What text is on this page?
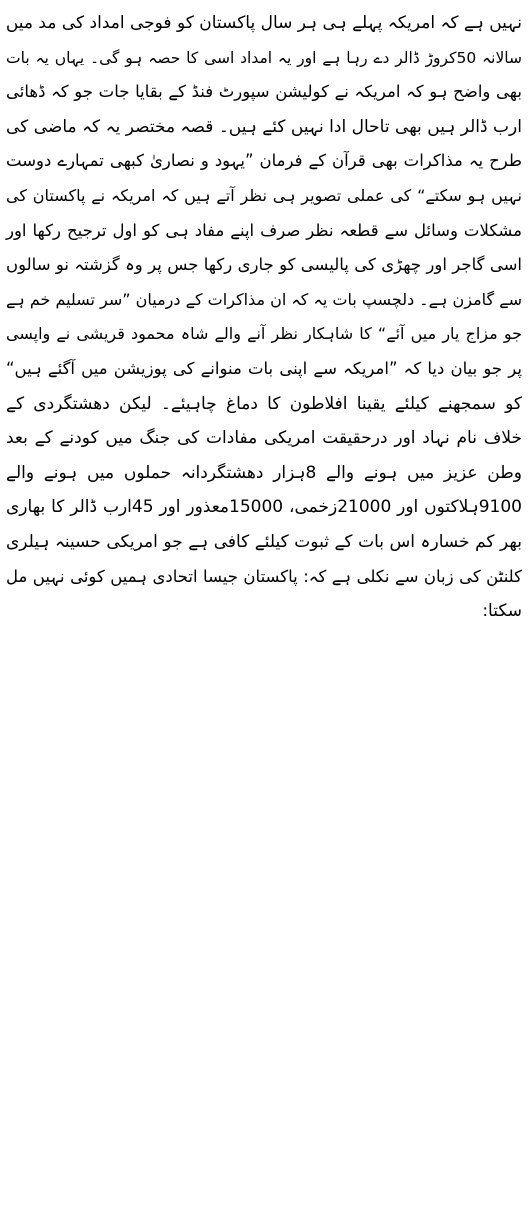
نہیں ہے کہ امریکہ پہلے ہی ہر سال پاکستان کو فوجی امداد کی مد میں
سالانہ 50کروڑ ڈالر دے رہا ہے اور یہ امداد اسی کا حصہ ہو گی۔ یہاں یہ بات
بھی واضح ہو کہ امریکہ نے کولیشن سپورٹ فنڈ کے بقایا جات جو کہ ڈھائی
ارب ڈالر ہیں بھی تاحال ادا نہیں کئے ہیں۔ قصہ مختصر یہ کہ ماضی کی
طرح یہ مذاکرات بھی قرآن کے فرمان ”یہود و نصاریٰ کبھی تمہارے دوست
نہیں ہو سکتے“ کی عملی تصویر ہی نظر آتے ہیں کہ امریکہ نے پاکستان کی
مشکلات وسائل سے قطعہ نظر صرف اپنے مفاد ہی کو اول ترجیح رکھا اور
اسی گاجر اور چھڑی کی پالیسی کو جاری رکھا جس پر وہ گزشتہ نو سالوں
سے گامزن ہے۔ دلچسپ بات یہ کہ ان مذاکرات کے درمیان ”سر تسلیم خم ہے
جو مزاج یار میں آئے“ کا شاہکار نظر آنے والے شاہ محمود قریشی نے واپسی
پر جو بیان دیا کہ ”امریکہ سے اپنی بات منوانے کی پوزیشن میں آگئے ہیں“
کو سمجھنے کیلئے یقینا افلاطون کا دماغ چاہیئے۔ لیکن دھشتگردی کے
خلاف نام نہاد اور درحقیقت امریکی مفادات کی جنگ میں کودنے کے بعد
وطن عزیز میں ہونے والے 8ہزار دھشتگردانہ حملوں میں ہونے والے
9100ہلاکتوں اور 21000زخمی، 15000معذور اور 45ارب ڈالر کا بھاری
بھر کم خسارہ اس بات کے ثبوت کیلئے کافی ہے جو امریکی حسینہ ہیلری
کلنٹن کی زبان سے نکلی ہے کہ: پاکستان جیسا اتحادی ہمیں کوئی نہیں مل
سکتا:
